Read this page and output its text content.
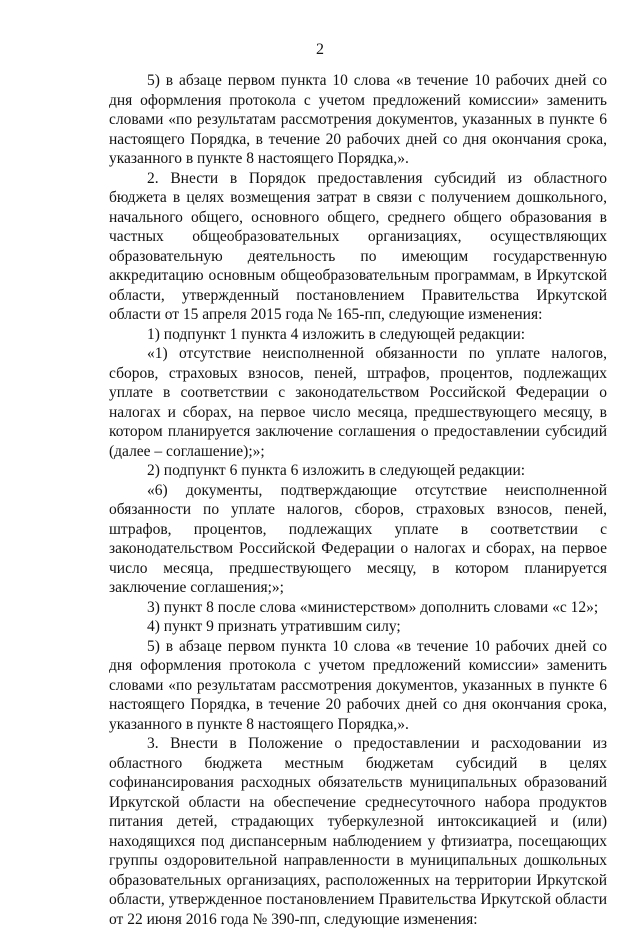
2

5) в абзаце первом пункта 10 слова «в течение 10 рабочих дней со дня оформления протокола с учетом предложений комиссии» заменить словами «по результатам рассмотрения документов, указанных в пункте 6 настоящего Порядка, в течение 20 рабочих дней со дня окончания срока, указанного в пункте 8 настоящего Порядка,».

2. Внести в Порядок предоставления субсидий из областного бюджета в целях возмещения затрат в связи с получением дошкольного, начального общего, основного общего, среднего общего образования в частных общеобразовательных организациях, осуществляющих образовательную деятельность по имеющим государственную аккредитацию основным общеобразовательным программам, в Иркутской области, утвержденный постановлением Правительства Иркутской области от 15 апреля 2015 года № 165-пп, следующие изменения:

1) подпункт 1 пункта 4 изложить в следующей редакции:

«1) отсутствие неисполненной обязанности по уплате налогов, сборов, страховых взносов, пеней, штрафов, процентов, подлежащих уплате в соответствии с законодательством Российской Федерации о налогах и сборах, на первое число месяца, предшествующего месяцу, в котором планируется заключение соглашения о предоставлении субсидий (далее – соглашение);»;

2) подпункт 6 пункта 6 изложить в следующей редакции:

«6) документы, подтверждающие отсутствие неисполненной обязанности по уплате налогов, сборов, страховых взносов, пеней, штрафов, процентов, подлежащих уплате в соответствии с законодательством Российской Федерации о налогах и сборах, на первое число месяца, предшествующего месяцу, в котором планируется заключение соглашения;»;

3) пункт 8 после слова «министерством» дополнить словами «с 12»;

4) пункт 9 признать утратившим силу;

5) в абзаце первом пункта 10 слова «в течение 10 рабочих дней со дня оформления протокола с учетом предложений комиссии» заменить словами «по результатам рассмотрения документов, указанных в пункте 6 настоящего Порядка, в течение 20 рабочих дней со дня окончания срока, указанного в пункте 8 настоящего Порядка,».

3. Внести в Положение о предоставлении и расходовании из областного бюджета местным бюджетам субсидий в целях софинансирования расходных обязательств муниципальных образований Иркутской области на обеспечение среднесуточного набора продуктов питания детей, страдающих туберкулезной интоксикацией и (или) находящихся под диспансерным наблюдением у фтизиатра, посещающих группы оздоровительной направленности в муниципальных дошкольных образовательных организациях, расположенных на территории Иркутской области, утвержденное постановлением Правительства Иркутской области от 22 июня 2016 года № 390-пп, следующие изменения:
